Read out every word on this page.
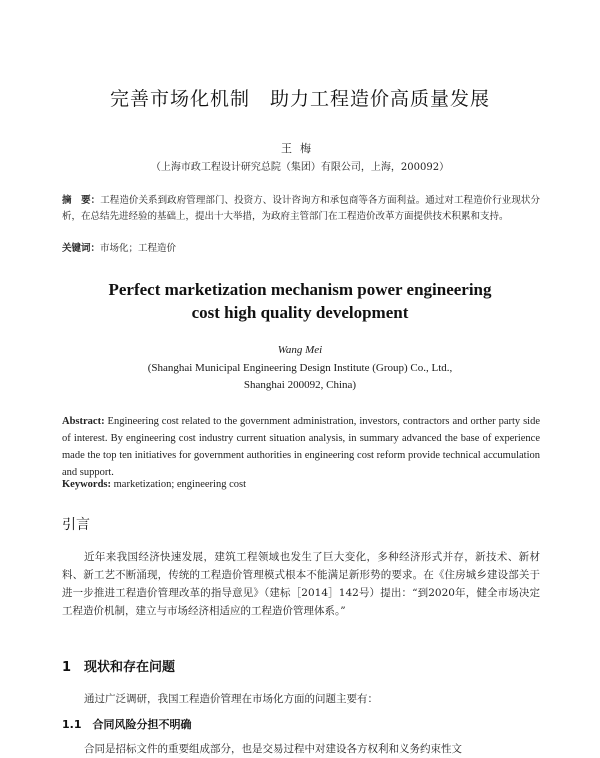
完善市场化机制　助力工程造价高质量发展
王梅
（上海市政工程设计研究总院（集团）有限公司，上海，200092）
摘　要：工程造价关系到政府管理部门、投资方、设计咨询方和承包商等各方面利益。通过对工程造价行业现状分析，在总结先进经验的基础上，提出十大举措，为政府主管部门在工程造价改革方面提供技术积累和支持。
关键词：市场化；工程造价
Perfect marketization mechanism power engineering
cost high quality development
Wang Mei
(Shanghai Municipal Engineering Design Institute (Group) Co., Ltd.,
Shanghai 200092, China)
Abstract: Engineering cost related to the government administration, investors, contractors and orther party side of interest. By engineering cost industry current situation analysis, in summary advanced the base of experience made the top ten initiatives for government authorities in engineering cost reform provide technical accumulation and support.
Keywords: marketization; engineering cost
引言
近年来我国经济快速发展，建筑工程领域也发生了巨大变化，多种经济形式并存，新技术、新材料、新工艺不断涌现，传统的工程造价管理模式根本不能满足新形势的要求。在《住房城乡建设部关于进一步推进工程造价管理改革的指导意见》（建标［2014］142号）提出：“到2020年，健全市场决定工程造价机制，建立与市场经济相适应的工程造价管理体系。”
1　现状和存在问题
通过广泛调研，我国工程造价管理在市场化方面的问题主要有：
1.1　合同风险分担不明确
合同是招标文件的重要组成部分，也是交易过程中对建设各方权利和义务约束性文
